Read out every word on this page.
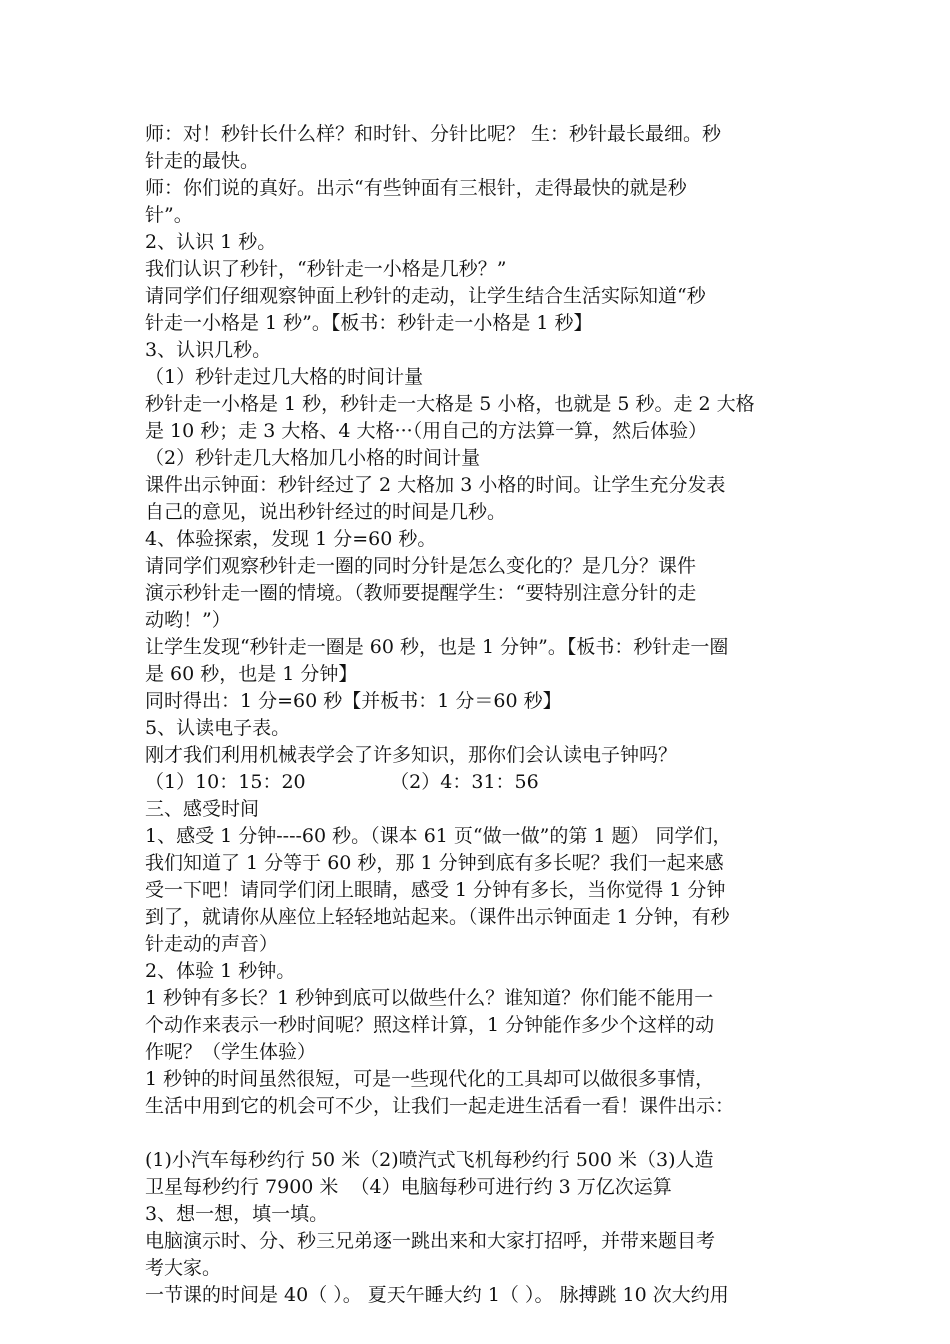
师：对！秒针长什么样？和时针、分针比呢？ 生：秒针最长最细。秒
针走的最快。
师：你们说的真好。出示“有些钟面有三根针，走得最快的就是秒
针”。
2、认识 1 秒。
我们认识了秒针，“秒针走一小格是几秒？”
请同学们仔细观察钟面上秒针的走动，让学生结合生活实际知道“秒
针走一小格是 1 秒”。【板书：秒针走一小格是 1 秒】
3、认识几秒。
（1）秒针走过几大格的时间计量
秒针走一小格是 1 秒，秒针走一大格是 5 小格，也就是 5 秒。走 2 大格
是 10 秒；走 3 大格、4 大格···（用自己的方法算一算，然后体验）
（2）秒针走几大格加几小格的时间计量
课件出示钟面：秒针经过了 2 大格加 3 小格的时间。让学生充分发表
自己的意见，说出秒针经过的时间是几秒。
4、体验探索，发现 1 分=60 秒。
请同学们观察秒针走一圈的同时分针是怎么变化的？是几分？课件
演示秒针走一圈的情境。（教师要提醒学生：“要特别注意分针的走
动哟！”）
让学生发现“秒针走一圈是 60 秒，也是 1 分钟”。【板书：秒针走一圈
是 60 秒，也是 1 分钟】
同时得出：1 分=60 秒【并板书：1 分＝60 秒】
5、认读电子表。
刚才我们利用机械表学会了许多知识，那你们会认读电子钟吗？
（1）10：15：20              （2）4：31：56
三、感受时间
1、感受 1 分钟----60 秒。（课本 61 页“做一做”的第 1 题） 同学们，
我们知道了 1 分等于 60 秒，那 1 分钟到底有多长呢？我们一起来感
受一下吧！请同学们闭上眼睛，感受 1 分钟有多长，当你觉得 1 分钟
到了，就请你从座位上轻轻地站起来。（课件出示钟面走 1 分钟，有秒
针走动的声音）
2、体验 1 秒钟。
1 秒钟有多长？1 秒钟到底可以做些什么？谁知道？你们能不能用一
个动作来表示一秒时间呢？照这样计算，1 分钟能作多少个这样的动
作呢？（学生体验）
1 秒钟的时间虽然很短，可是一些现代化的工具却可以做很多事情，
生活中用到它的机会可不少，让我们一起走进生活看一看！课件出示：
(1)小汽车每秒约行 50 米（2)喷汽式飞机每秒约行 500 米（3)人造
卫星每秒约行 7900 米  （4）电脑每秒可进行约 3 万亿次运算
3、想一想，填一填。
电脑演示时、分、秒三兄弟逐一跳出来和大家打招呼，并带来题目考
考大家。
一节课的时间是 40（ ）。 夏天午睡大约 1（ ）。 脉搏跳 10 次大约用
